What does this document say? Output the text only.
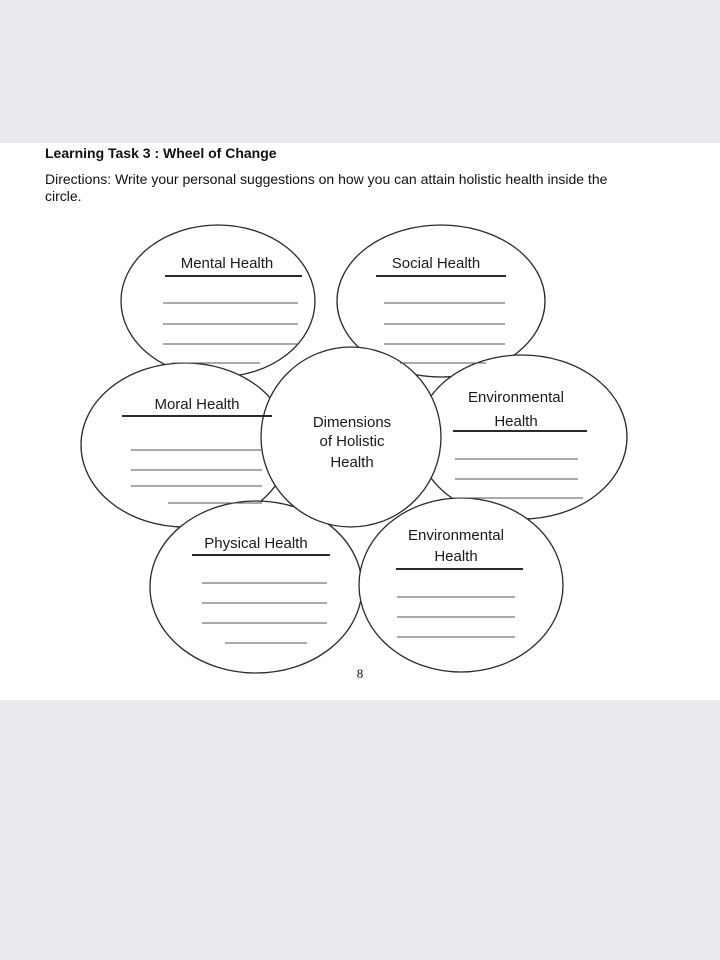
Learning Task 3 : Wheel of Change
Directions: Write your personal suggestions on how you can attain holistic health inside the circle.
8
Mental Health	Social Health
Moral Health	Environmental
Health
Physical Health	Environmental
Health
Dimensions
of Holistic
Health
